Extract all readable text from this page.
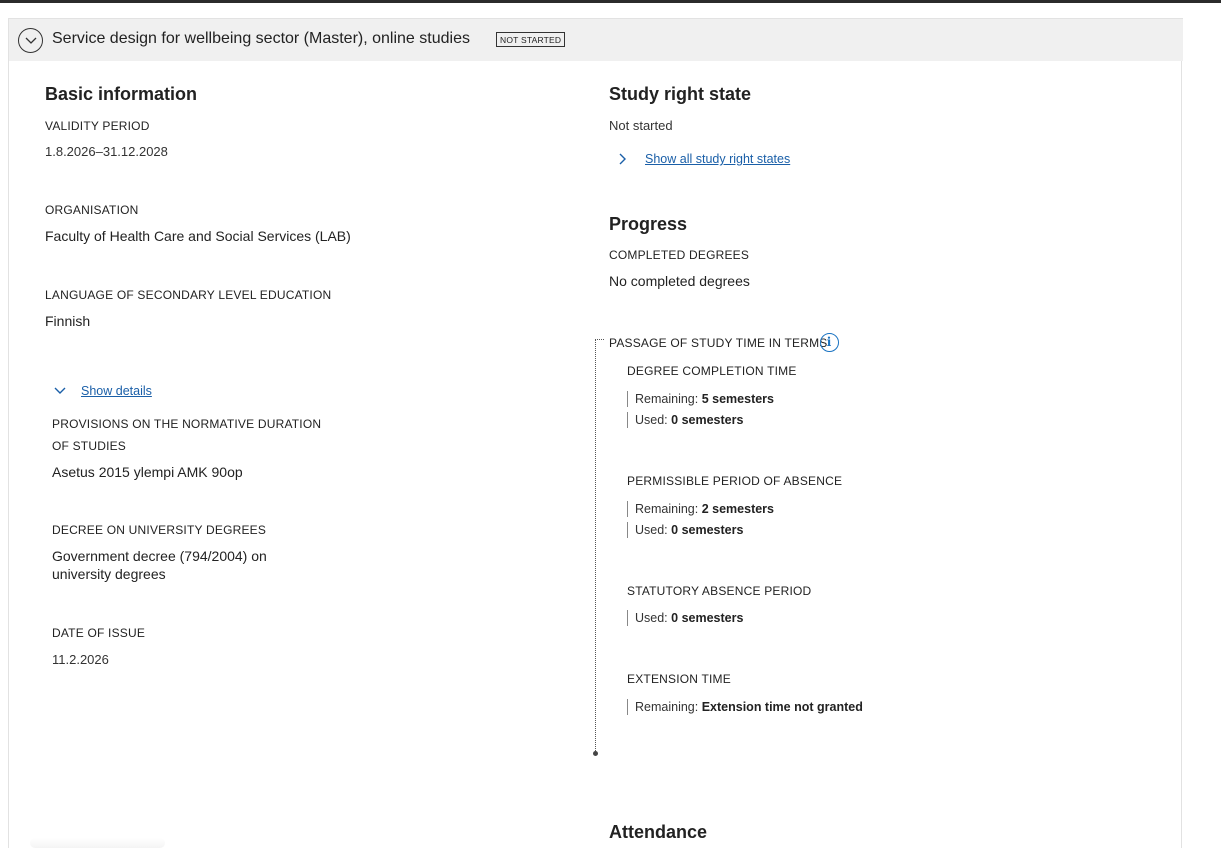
Service design for wellbeing sector (Master), online studies	NOT STARTED
Basic information
VALIDITY PERIOD
1.8.2026–31.12.2028
ORGANISATION
Faculty of Health Care and Social Services (LAB)
LANGUAGE OF SECONDARY LEVEL EDUCATION
Finnish
Show details
PROVISIONS ON THE NORMATIVE DURATION
OF STUDIES
Asetus 2015 ylempi AMK 90op
DECREE ON UNIVERSITY DEGREES
Government decree (794/2004) on
university degrees
DATE OF ISSUE
11.2.2026
Study right state
Not started
Show all study right states
Progress
COMPLETED DEGREES
No completed degrees
PASSAGE OF STUDY TIME IN TERMS i
DEGREE COMPLETION TIME
Remaining: 5 semesters
Used: 0 semesters
PERMISSIBLE PERIOD OF ABSENCE
Remaining: 2 semesters
Used: 0 semesters
STATUTORY ABSENCE PERIOD
Used: 0 semesters
EXTENSION TIME
Remaining: Extension time not granted
Attendance
